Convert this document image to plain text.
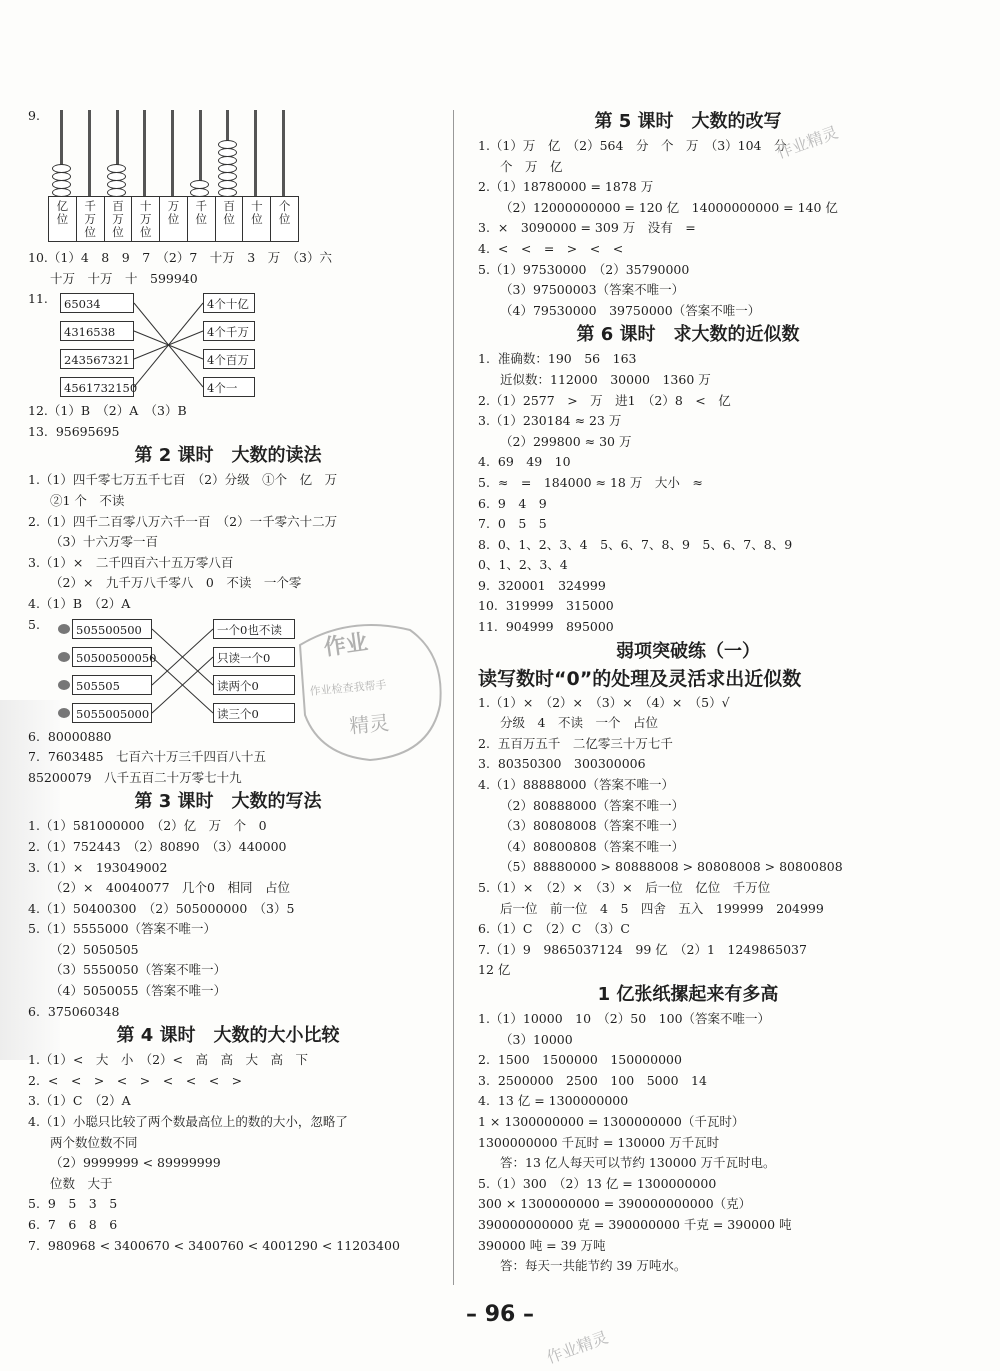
9.
亿
位
千
万
位
百
万
位
十
万
位
万
位
千
位
百
位
十
位
个
位
10.（1）4　8　9　7　（2）7　十万　3　万　（3）六
十万　十万　十　599940
11.	65034
4316538
243567321
4561732150
4个十亿
4个千万
4个百万
4个一
12.（1）B　（2）A　（3）B
13.  95695695
第 2 课时　大数的读法
1.（1）四千零七万五千七百　（2）分级　①个　亿　万
②1 个　不读
2.（1）四千二百零八万六千一百　（2）一千零六十二万
（3）十六万零一百
3.（1）×　二千四百六十五万零八百
（2）×　九千万八千零八　0　不读　一个零
4.（1）B　（2）A
5.	505500500
50500500050
505505
5055005000
一个0也不读
只读一个0
读两个0
读三个0
6.  80000880
7.  7603485　七百六十万三千四百八十五
85200079　八千五百二十万零七十九
第 3 课时　大数的写法
1.（1）581000000　（2）亿　万　个　0
2.（1）752443　（2）80890　（3）440000
3.（1）×　193049002
（2）×　40040077　几个0　相同　占位
4.（1）50400300　（2）505000000　（3）5
5.（1）5555000（答案不唯一）
（2）5050505
（3）5550050（答案不唯一）
（4）5050055（答案不唯一）
6.  375060348
第 4 课时　大数的大小比较
1.（1）<　大　小　（2）<　高　高　大　高　下
2.  <　<　>　<　>　<　<　<　>
3.（1）C　（2）A
4.（1）小聪只比较了两个数最高位上的数的大小，忽略了
两个数位数不同
（2）9999999 < 89999999
位数　大于
5.  9　5　3　5
6.  7　6　8　6
7.  980968 < 3400670 < 3400760 < 4001290 < 11203400
第 5 课时　大数的改写
1.（1）万　亿　（2）564　分　个　万　（3）104　分
个　万　亿
2.（1）18780000 = 1878 万
（2）12000000000 = 120 亿　14000000000 = 140 亿
3.  ×　3090000 = 309 万　没有　=
4.  <　<　=　>　<　<
5.（1）97530000　（2）35790000
（3）97500003（答案不唯一）
（4）79530000　39750000（答案不唯一）
第 6 课时　求大数的近似数
1.  准确数：190　56　163
近似数：112000　30000　1360 万
2.（1）2577　>　万　进1　（2）8　<　亿
3.（1）230184 ≈ 23 万
（2）299800 ≈ 30 万
4.  69　49　10
5.  ≈　=　184000 ≈ 18 万　大小　≈
6.  9　4　9
7.  0　5　5
8.  0、1、2、3、4　5、6、7、8、9　5、6、7、8、9
0、1、2、3、4
9.  320001　324999
10.  319999　315000
11.  904999　895000
弱项突破练（一）
读写数时“0”的处理及灵活求出近似数
1.（1）×　（2）×　（3）×　（4）×　（5）√
分级　4　不读　一个　占位
2.  五百万五千　二亿零三十万七千
3.  80350300　300300006
4.（1）88888000（答案不唯一）
（2）80888000（答案不唯一）
（3）80808008（答案不唯一）
（4）80800808（答案不唯一）
（5）88880000 > 80888008 > 80808008 > 80800808
5.（1）×　（2）×　（3）×　后一位　亿位　千万位
后一位　前一位　4　5　四舍　五入　199999　204999
6.（1）C　（2）C　（3）C
7.（1）9　9865037124　99 亿　（2）1　1249865037
12 亿
1 亿张纸摞起来有多高
1.（1）10000　10　（2）50　100（答案不唯一）
（3）10000
2.  1500　1500000　150000000
3.  2500000　2500　100　5000　14
4.  13 亿 = 1300000000
1 × 1300000000 = 1300000000（千瓦时）
1300000000 千瓦时 = 130000 万千瓦时
答：13 亿人每天可以节约 130000 万千瓦时电。
5.（1）300　（2）13 亿 = 1300000000
300 × 1300000000 = 390000000000（克）
390000000000 克 = 390000000 千克 = 390000 吨
390000 吨 = 39 万吨
答：每天一共能节约 39 万吨水。
作业
作业检查我帮手
精灵
作业精灵
作业精灵
– 96 –
